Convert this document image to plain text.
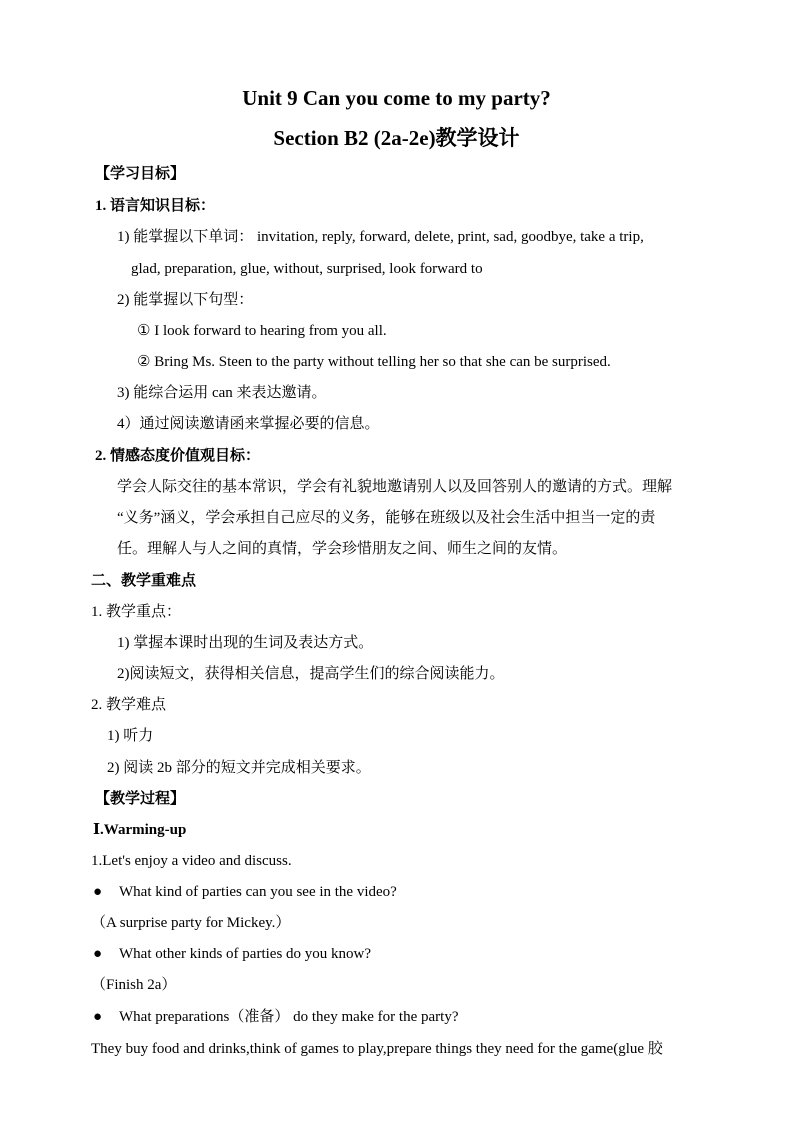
Unit 9 Can you come to my party?
Section B2 (2a-2e)教学设计
【学习目标】
1. 语言知识目标：
1) 能掌握以下单词： invitation, reply, forward, delete, print, sad, goodbye, take a trip,
glad, preparation, glue, without, surprised, look forward to
2) 能掌握以下句型：
① I look forward to hearing from you all.
② Bring Ms. Steen to the party without telling her so that she can be surprised.
3) 能综合运用 can 来表达邀请。
4）通过阅读邀请函来掌握必要的信息。
2. 情感态度价值观目标：
学会人际交往的基本常识，学会有礼貌地邀请别人以及回答别人的邀请的方式。理解
“义务”涵义，学会承担自己应尽的义务，能够在班级以及社会生活中担当一定的责
任。理解人与人之间的真情，学会珍惜朋友之间、师生之间的友情。
二、教学重难点
1. 教学重点：
1) 掌握本课时出现的生词及表达方式。
2)阅读短文，获得相关信息，提高学生们的综合阅读能力。
2. 教学难点
1) 听力
2) 阅读 2b 部分的短文并完成相关要求。
【教学过程】
Ⅰ.Warming-up
1.Let's enjoy a video and discuss.
● What kind of parties can you see in the video?
（A surprise party for Mickey.）
● What other kinds of parties do you know?
（Finish 2a）
● What preparations（准备） do they make for the party?
They buy food and drinks,think of games to play,prepare things they need for the game(glue 胶
